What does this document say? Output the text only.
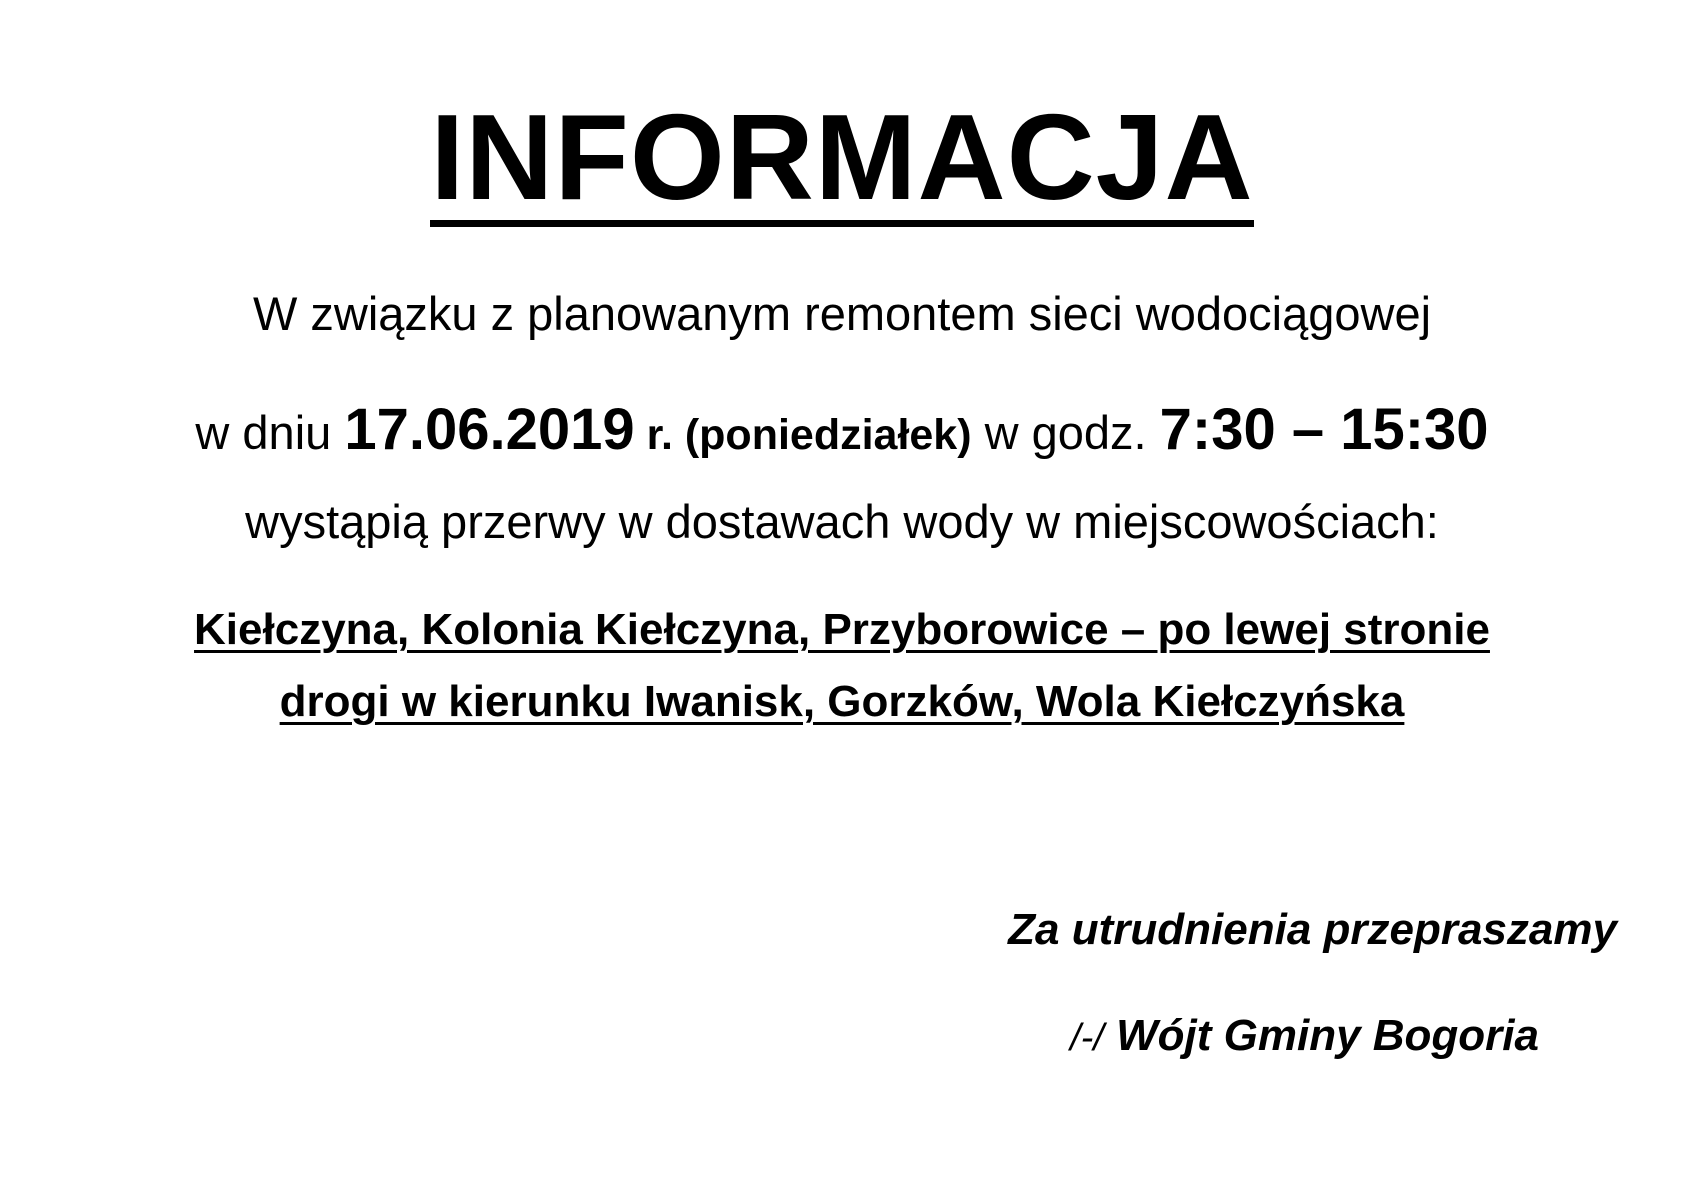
INFORMACJA
W związku z planowanym remontem sieci wodociągowej
w dniu 17.06.2019 r. (poniedziałek) w godz. 7:30 – 15:30
wystąpią przerwy w dostawach wody w miejscowościach:
Kiełczyna, Kolonia Kiełczyna, Przyborowice – po lewej stronie
drogi w kierunku Iwanisk, Gorzków, Wola Kiełczyńska
Za utrudnienia przepraszamy
/-/ Wójt Gminy Bogoria
